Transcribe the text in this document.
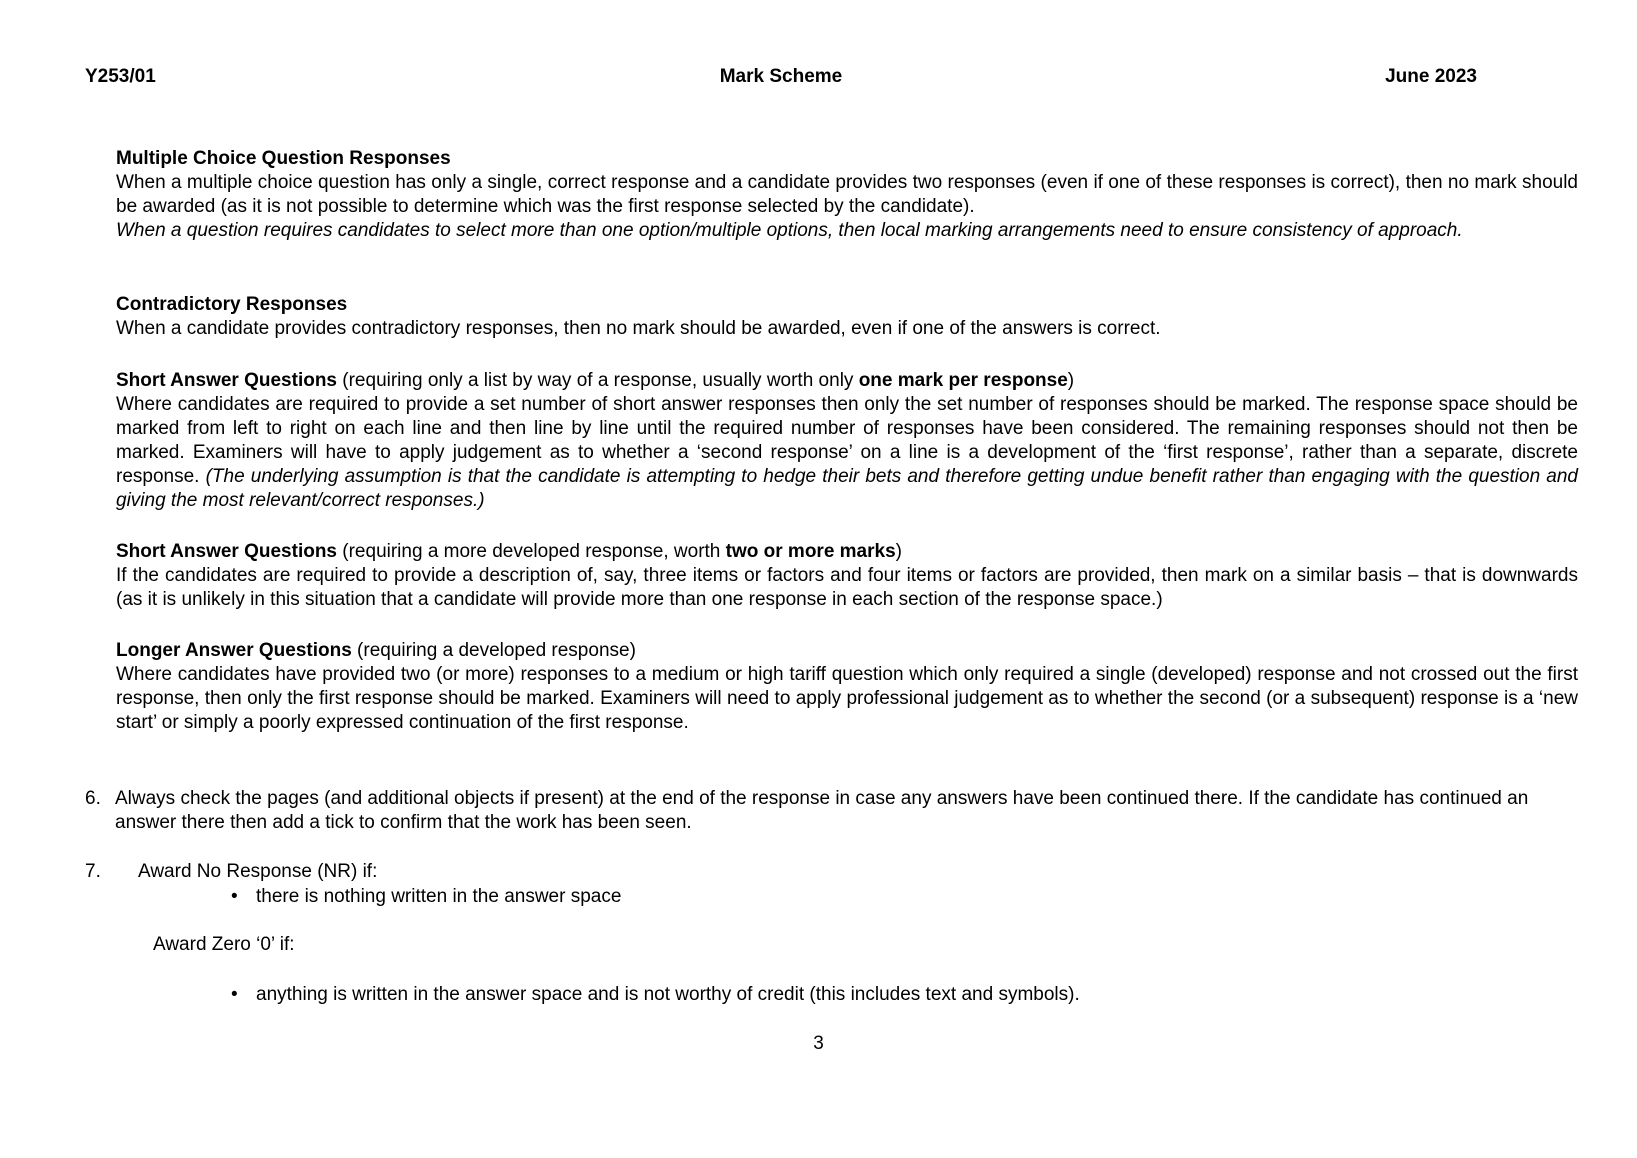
Y253/01	Mark Scheme	June 2023
Multiple Choice Question Responses

When a multiple choice question has only a single, correct response and a candidate provides two responses (even if one of these responses is correct), then no mark should be awarded (as it is not possible to determine which was the first response selected by the candidate).

When a question requires candidates to select more than one option/multiple options, then local marking arrangements need to ensure consistency of approach.

Contradictory Responses

When a candidate provides contradictory responses, then no mark should be awarded, even if one of the answers is correct.

Short Answer Questions (requiring only a list by way of a response, usually worth only one mark per response)

Where candidates are required to provide a set number of short answer responses then only the set number of responses should be marked. The response space should be marked from left to right on each line and then line by line until the required number of responses have been considered. The remaining responses should not then be marked. Examiners will have to apply judgement as to whether a ‘second response’ on a line is a development of the ‘first response’, rather than a separate, discrete response. (The underlying assumption is that the candidate is attempting to hedge their bets and therefore getting undue benefit rather than engaging with the question and giving the most relevant/correct responses.)

Short Answer Questions (requiring a more developed response, worth two or more marks)

If the candidates are required to provide a description of, say, three items or factors and four items or factors are provided, then mark on a similar basis – that is downwards (as it is unlikely in this situation that a candidate will provide more than one response in each section of the response space.)

Longer Answer Questions (requiring a developed response)

Where candidates have provided two (or more) responses to a medium or high tariff question which only required a single (developed) response and not crossed out the first response, then only the first response should be marked. Examiners will need to apply professional judgement as to whether the second (or a subsequent) response is a ‘new start’ or simply a poorly expressed continuation of the first response.

6. Always check the pages (and additional objects if present) at the end of the response in case any answers have been continued there. If the candidate has continued an answer there then add a tick to confirm that the work has been seen.
7.	Award No Response (NR) if:
• there is nothing written in the answer space
Award Zero ‘0’ if:
• anything is written in the answer space and is not worthy of credit (this includes text and symbols).
3
